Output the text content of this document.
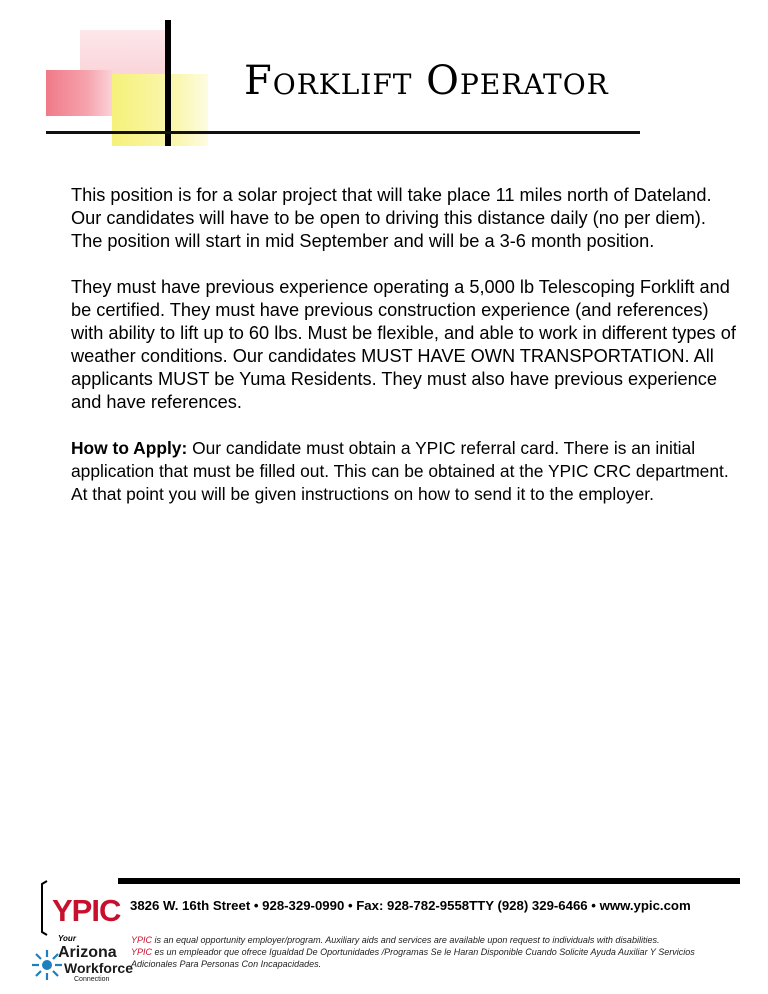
Forklift Operator

This position is for a solar project that will take place 11 miles north of Dateland. Our candidates will have to be open to driving this distance daily (no per diem). The position will start in mid September and will be a 3-6 month position.

They must have previous experience operating a 5,000 lb Telescoping Forklift and be certified. They must have previous construction experience (and references) with ability to lift up to 60 lbs. Must be flexible, and able to work in different types of weather conditions. Our candidates MUST HAVE OWN TRANSPORTATION. All applicants MUST be Yuma Residents. They must also have previous experience and have references.

How to Apply: Our candidate must obtain a YPIC referral card. There is an initial application that must be filled out. This can be obtained at the YPIC CRC department. At that point you will be given instructions on how to send it to the employer.

YPIC
Your
Arizona
Workforce
Connection
3826 W. 16th Street • 928-329-0990 • Fax: 928-782-9558TTY (928) 329-6466 • www.ypic.com
YPIC is an equal opportunity employer/program. Auxiliary aids and services are available upon request to individuals with disabilities.
YPIC es un empleador que ofrece Igualdad De Oportunidades /Programas Se le Haran Disponible Cuando Solicite Ayuda Auxiliar Y Servicios Adicionales Para Personas Con Incapacidades.
